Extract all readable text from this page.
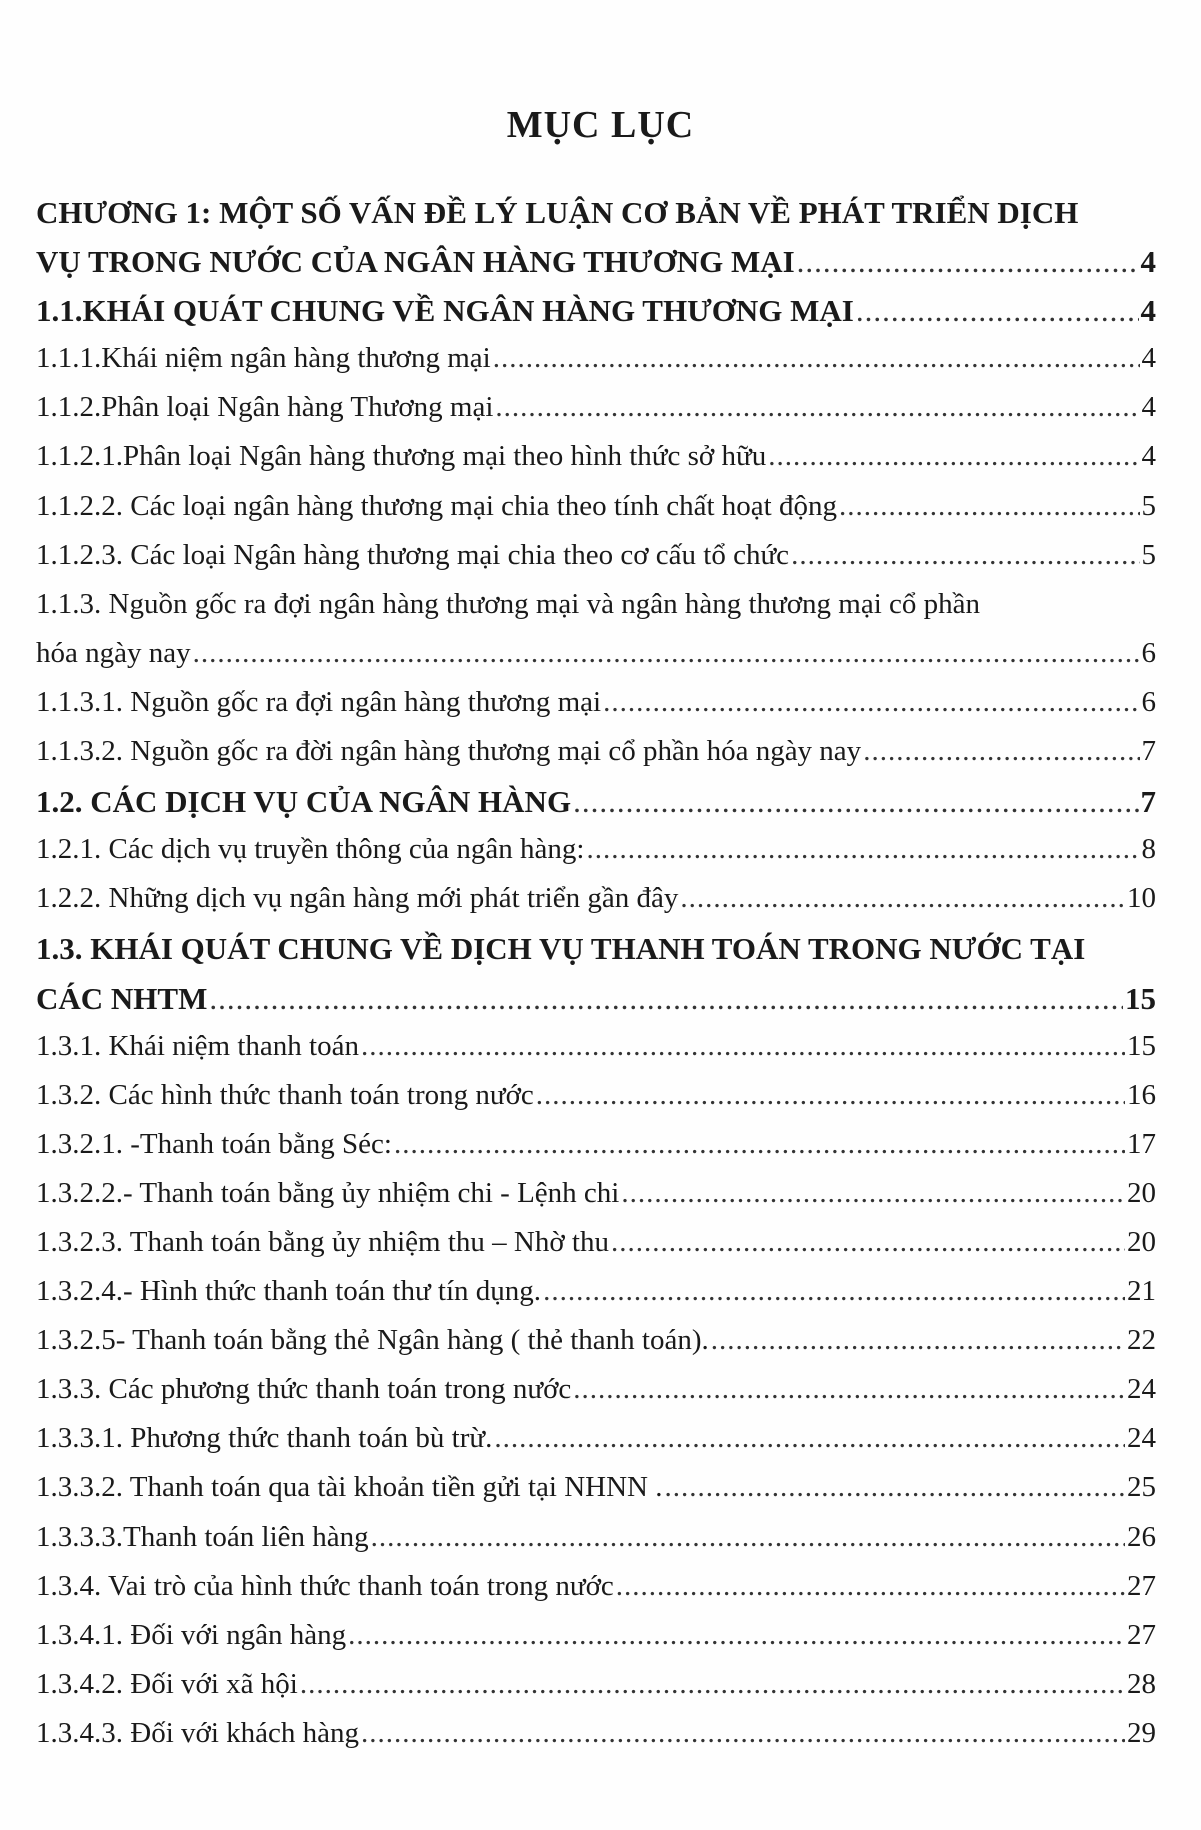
MỤC LỤC
CHƯƠNG 1: MỘT SỐ VẤN ĐỀ LÝ LUẬN CƠ BẢN VỀ PHÁT TRIỂN DỊCH
VỤ TRONG NƯỚC CỦA NGÂN HÀNG THƯƠNG MẠI .....	4
1.1.KHÁI QUÁT CHUNG VỀ NGÂN HÀNG THƯƠNG MẠI .....	4
1.1.1.Khái niệm ngân hàng thương mại .....	4
1.1.2.Phân loại Ngân hàng Thương mại .....	4
1.1.2.1.Phân loại Ngân hàng thương mại theo hình thức sở hữu .....	4
1.1.2.2. Các loại ngân hàng thương mại chia theo tính chất hoạt động .....	5
1.1.2.3. Các loại Ngân hàng thương mại chia theo cơ cấu tổ chức .....	5
1.1.3. Nguồn gốc ra đợi ngân hàng thương mại và ngân hàng thương mại cổ phần
hóa ngày nay .....	6
1.1.3.1. Nguồn gốc ra đợi ngân hàng thương mại .....	6
1.1.3.2. Nguồn gốc ra đời ngân hàng thương mại cổ phần hóa ngày nay .....	7
1.2. CÁC DỊCH VỤ CỦA NGÂN HÀNG .....	7
1.2.1. Các dịch vụ truyền thông của ngân hàng: .....	8
1.2.2. Những dịch vụ ngân hàng mới phát triển gần đây .....	10
1.3. KHÁI QUÁT CHUNG VỀ DỊCH VỤ THANH TOÁN TRONG NƯỚC TẠI
CÁC NHTM .....	15
1.3.1. Khái niệm thanh toán .....	15
1.3.2. Các hình thức thanh toán trong nước .....	16
1.3.2.1. -Thanh toán bằng Séc: .....	17
1.3.2.2.- Thanh toán bằng ủy nhiệm chi - Lệnh chi .....	20
1.3.2.3. Thanh toán bằng ủy nhiệm thu – Nhờ thu .....	20
1.3.2.4.- Hình thức thanh toán thư tín dụng. .....	21
1.3.2.5- Thanh toán bằng thẻ Ngân hàng ( thẻ thanh toán). .....	22
1.3.3. Các phương thức thanh toán trong nước .....	24
1.3.3.1. Phương thức thanh toán bù trừ. .....	24
1.3.3.2. Thanh toán qua tài khoản tiền gửi tại NHNN . .....	25
1.3.3.3.Thanh toán liên hàng .....	26
1.3.4. Vai trò của hình thức thanh toán trong nước .....	27
1.3.4.1. Đối với ngân hàng .....	27
1.3.4.2. Đối với xã hội .....	28
1.3.4.3. Đối với khách hàng .....	29
